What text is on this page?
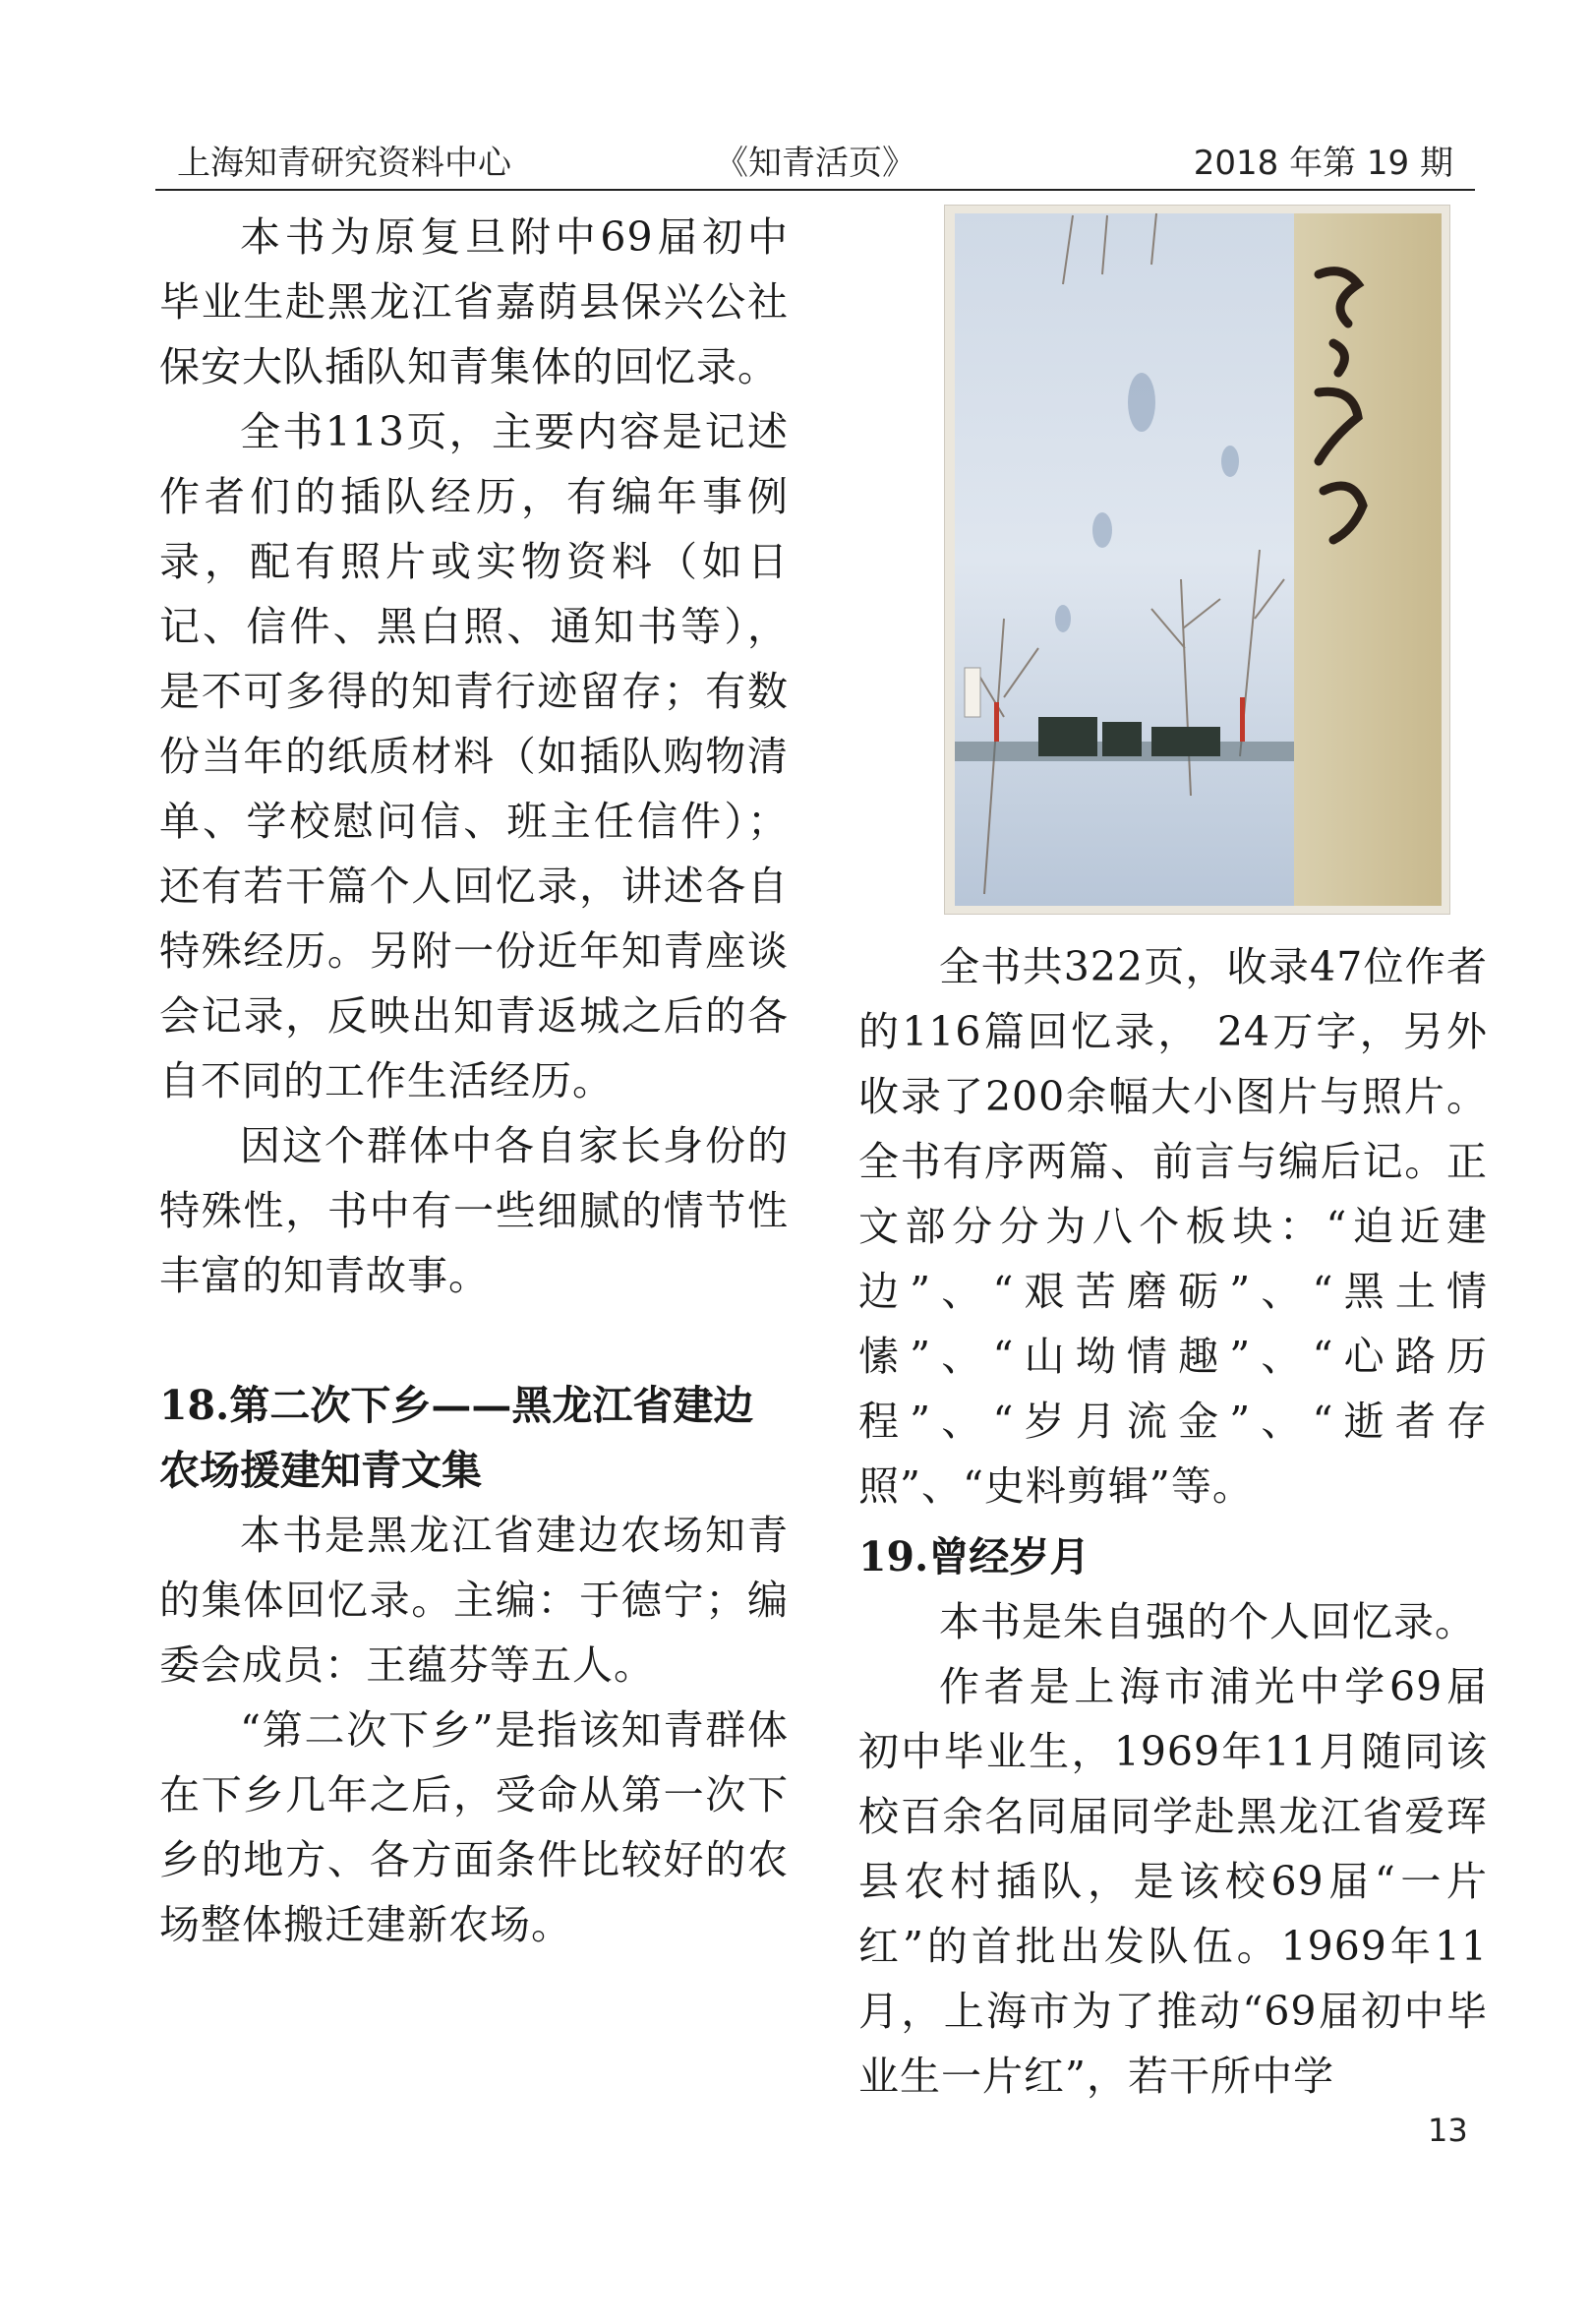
上海知青研究资料中心	《知青活页》	2018 年第 19 期

本书为原复旦附中69届初中毕业生赴黑龙江省嘉荫县保兴公社保安大队插队知青集体的回忆录。

全书113页，主要内容是记述作者们的插队经历，有编年事例录，配有照片或实物资料（如日记、信件、黑白照、通知书等），是不可多得的知青行迹留存；有数份当年的纸质材料（如插队购物清单、学校慰问信、班主任信件）；还有若干篇个人回忆录，讲述各自特殊经历。另附一份近年知青座谈会记录，反映出知青返城之后的各自不同的工作生活经历。

因这个群体中各自家长身份的特殊性，书中有一些细腻的情节性丰富的知青故事。

18.第二次下乡——黑龙江省建边农场援建知青文集

本书是黑龙江省建边农场知青的集体回忆录。主编：于德宁；编委会成员：王蕴芬等五人。

“第二次下乡”是指该知青群体在下乡几年之后，受命从第一次下乡的地方、各方面条件比较好的农场整体搬迁建新农场。

全书共322页，收录47位作者的116篇回忆录， 24万字，另外收录了200余幅大小图片与照片。全书有序两篇、前言与编后记。正文部分分为八个板块：“迫近建边”、“艰苦磨砺”、“黑土情愫”、“山坳情趣”、“心路历程”、“岁月流金”、“逝者存照”、“史料剪辑”等。

19.曾经岁月

本书是朱自强的个人回忆录。

作者是上海市浦光中学69届初中毕业生，1969年11月随同该校百余名同届同学赴黑龙江省爱珲县农村插队，是该校69届“一片红”的首批出发队伍。1969年11月，上海市为了推动“69届初中毕业生一片红”，若干所中学

13
